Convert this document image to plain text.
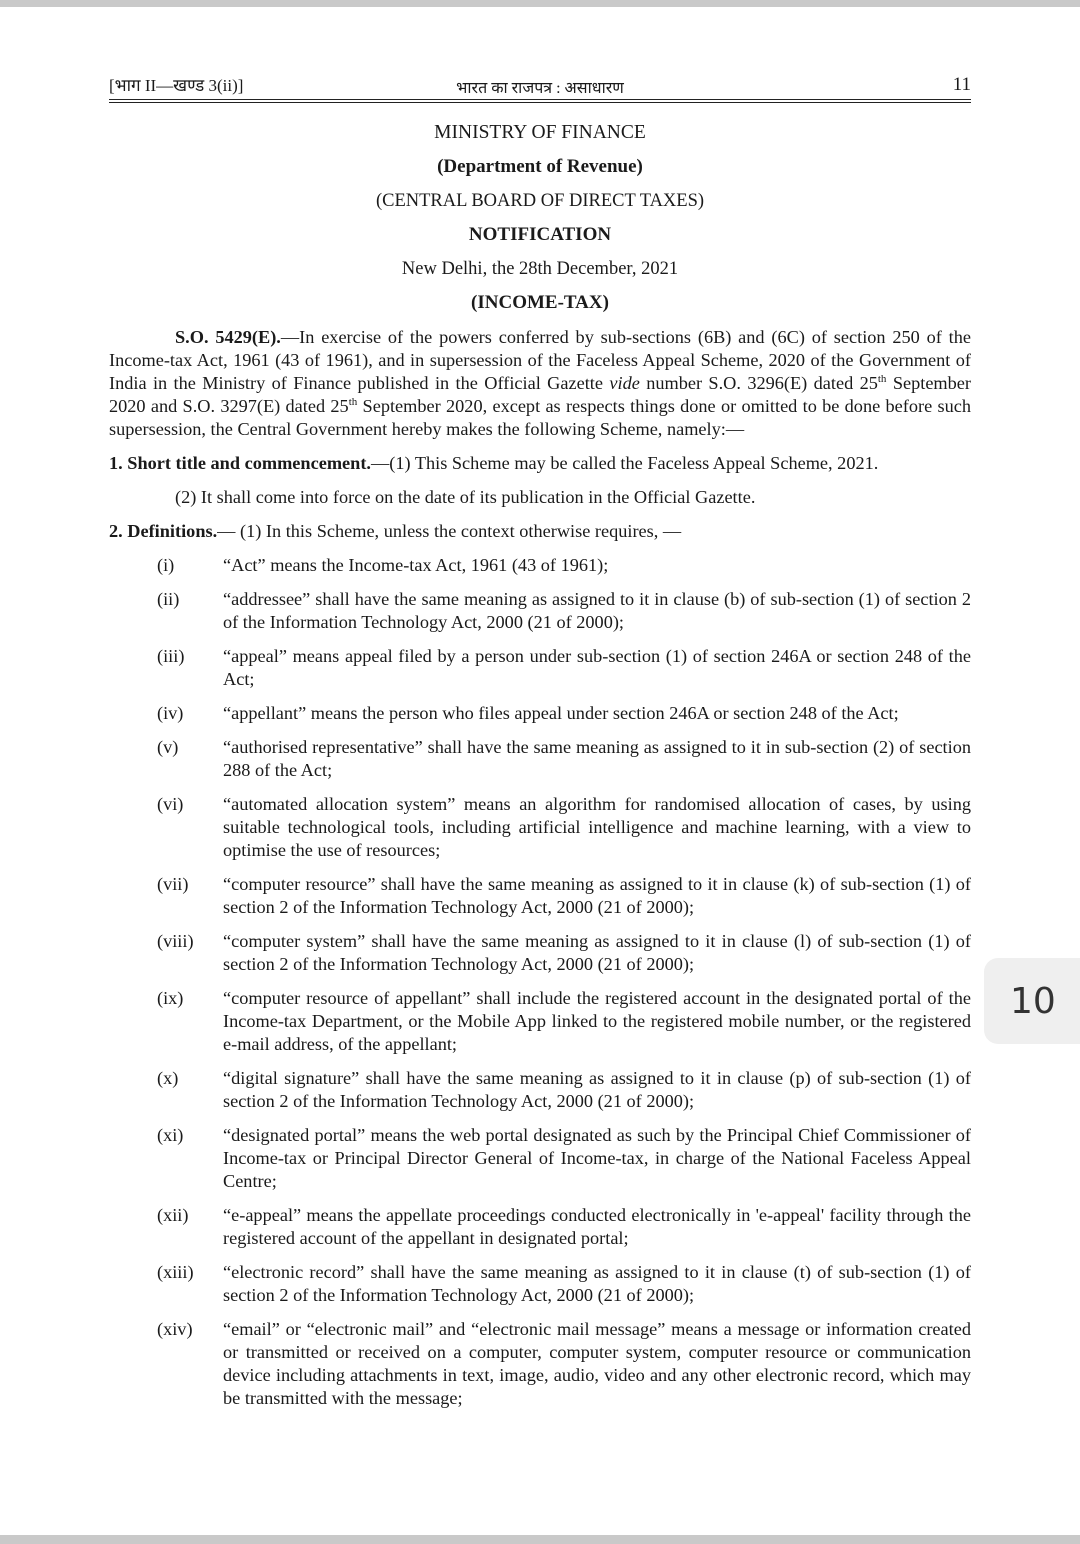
[भाग II—खण्ड 3(ii)]	भारत का राजपत्र : असाधारण	11
MINISTRY OF FINANCE
(Department of Revenue)
(CENTRAL BOARD OF DIRECT TAXES)
NOTIFICATION
New Delhi, the 28th December, 2021
(INCOME-TAX)

S.O. 5429(E).—In exercise of the powers conferred by sub-sections (6B) and (6C) of section 250 of the Income-tax Act, 1961 (43 of 1961), and in supersession of the Faceless Appeal Scheme, 2020 of the Government of India in the Ministry of Finance published in the Official Gazette vide number S.O. 3296(E) dated 25th September 2020 and S.O. 3297(E) dated 25th September 2020, except as respects things done or omitted to be done before such supersession, the Central Government hereby makes the following Scheme, namely:—

1. Short title and commencement.—(1) This Scheme may be called the Faceless Appeal Scheme, 2021.
(2) It shall come into force on the date of its publication in the Official Gazette.
2. Definitions.— (1) In this Scheme, unless the context otherwise requires, —
(i)	“Act” means the Income-tax Act, 1961 (43 of 1961);
(ii)	“addressee” shall have the same meaning as assigned to it in clause (b) of sub-section (1) of section 2 of the Information Technology Act, 2000 (21 of 2000);
(iii)	“appeal” means appeal filed by a person under sub-section (1) of section 246A or section 248 of the Act;
(iv)	“appellant” means the person who files appeal under section 246A or section 248 of the Act;
(v)	“authorised representative” shall have the same meaning as assigned to it in sub-section (2) of section 288 of the Act;
(vi)	“automated allocation system” means an algorithm for randomised allocation of cases, by using suitable technological tools, including artificial intelligence and machine learning, with a view to optimise the use of resources;
(vii)	“computer resource” shall have the same meaning as assigned to it in clause (k) of sub-section (1) of section 2 of the Information Technology Act, 2000 (21 of 2000);
(viii)	“computer system” shall have the same meaning as assigned to it in clause (l) of sub-section (1) of section 2 of the Information Technology Act, 2000 (21 of 2000);
(ix)	“computer resource of appellant” shall include the registered account in the designated portal of the Income-tax Department, or the Mobile App linked to the registered mobile number, or the registered e-mail address, of the appellant;
(x)	“digital signature” shall have the same meaning as assigned to it in clause (p) of sub-section (1) of section 2 of the Information Technology Act, 2000 (21 of 2000);
(xi)	“designated portal” means the web portal designated as such by the Principal Chief Commissioner of Income-tax or Principal Director General of Income-tax, in charge of the National Faceless Appeal Centre;
(xii)	“e-appeal” means the appellate proceedings conducted electronically in 'e-appeal' facility through the registered account of the appellant in designated portal;
(xiii)	“electronic record” shall have the same meaning as assigned to it in clause (t) of sub-section (1) of section 2 of the Information Technology Act, 2000 (21 of 2000);
(xiv)	“email” or “electronic mail” and “electronic mail message” means a message or information created or transmitted or received on a computer, computer system, computer resource or communication device including attachments in text, image, audio, video and any other electronic record, which may be transmitted with the message;
10
